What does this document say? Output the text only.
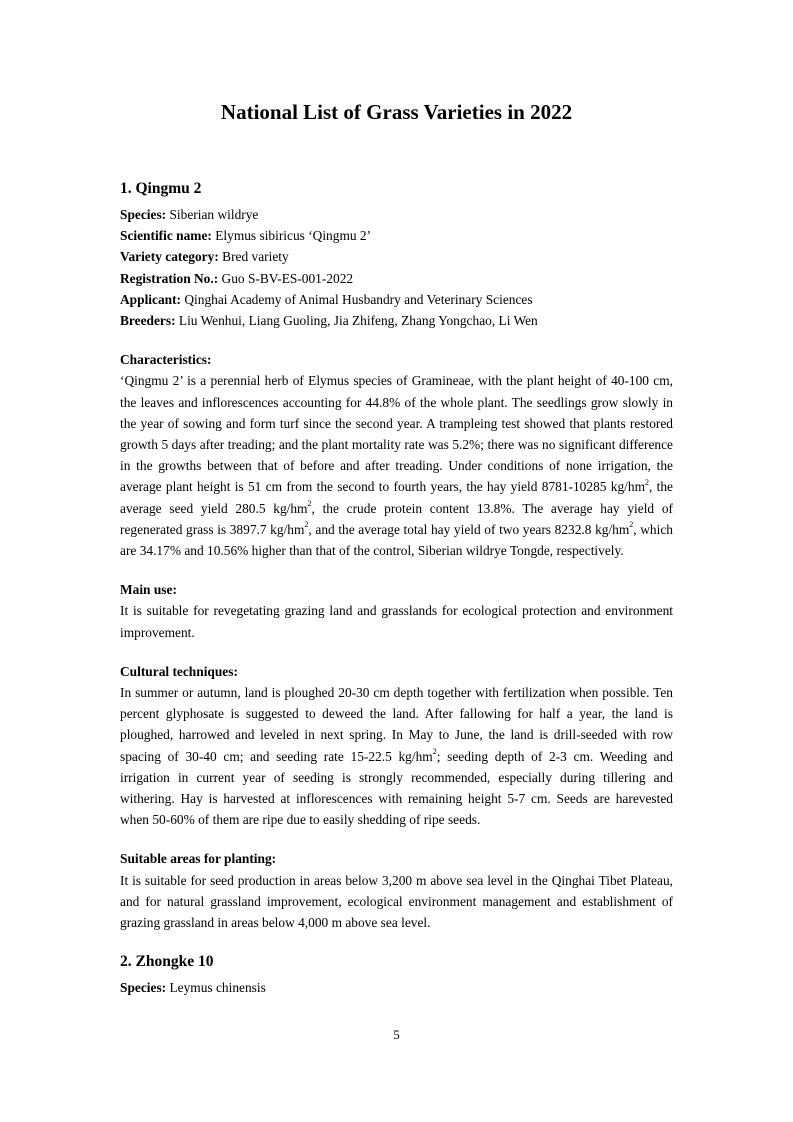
National List of Grass Varieties in 2022
1. Qingmu 2

Species: Siberian wildrye

Scientific name: Elymus sibiricus ‘Qingmu 2’

Variety category: Bred variety

Registration No.: Guo S-BV-ES-001-2022

Applicant: Qinghai Academy of Animal Husbandry and Veterinary Sciences

Breeders: Liu Wenhui, Liang Guoling, Jia Zhifeng, Zhang Yongchao, Li Wen

Characteristics:

‘Qingmu 2’ is a perennial herb of Elymus species of Gramineae, with the plant height of 40-100 cm, the leaves and inflorescences accounting for 44.8% of the whole plant. The seedlings grow slowly in the year of sowing and form turf since the second year. A trampleing test showed that plants restored growth 5 days after treading; and the plant mortality rate was 5.2%; there was no significant difference in the growths between that of before and after treading. Under conditions of none irrigation, the average plant height is 51 cm from the second to fourth years, the hay yield 8781-10285 $kg/hm^2$, the average seed yield 280.5 $kg/hm^2$, the crude protein content 13.8%. The average hay yield of regenerated grass is 3897.7 $kg/hm^2$, and the average total hay yield of two years 8232.8 $kg/hm^2$, which are 34.17% and 10.56% higher than that of the control, Siberian wildrye Tongde, respectively.

Main use:

It is suitable for revegetating grazing land and grasslands for ecological protection and environment improvement.

Cultural techniques:

In summer or autumn, land is ploughed 20-30 cm depth together with fertilization when possible. Ten percent glyphosate is suggested to deweed the land. After fallowing for half a year, the land is ploughed, harrowed and leveled in next spring. In May to June, the land is drill-seeded with row spacing of 30-40 cm; and seeding rate 15-22.5 $kg/hm^2$; seeding depth of 2-3 cm. Weeding and irrigation in current year of seeding is strongly recommended, especially during tillering and withering. Hay is harvested at inflorescences with remaining height 5-7 cm. Seeds are harevested when 50-60% of them are ripe due to easily shedding of ripe seeds.

Suitable areas for planting:

It is suitable for seed production in areas below 3,200 m above sea level in the Qinghai Tibet Plateau, and for natural grassland improvement, ecological environment management and establishment of grazing grassland in areas below 4,000 m above sea level.

2. Zhongke 10

Species: Leymus chinensis

5
